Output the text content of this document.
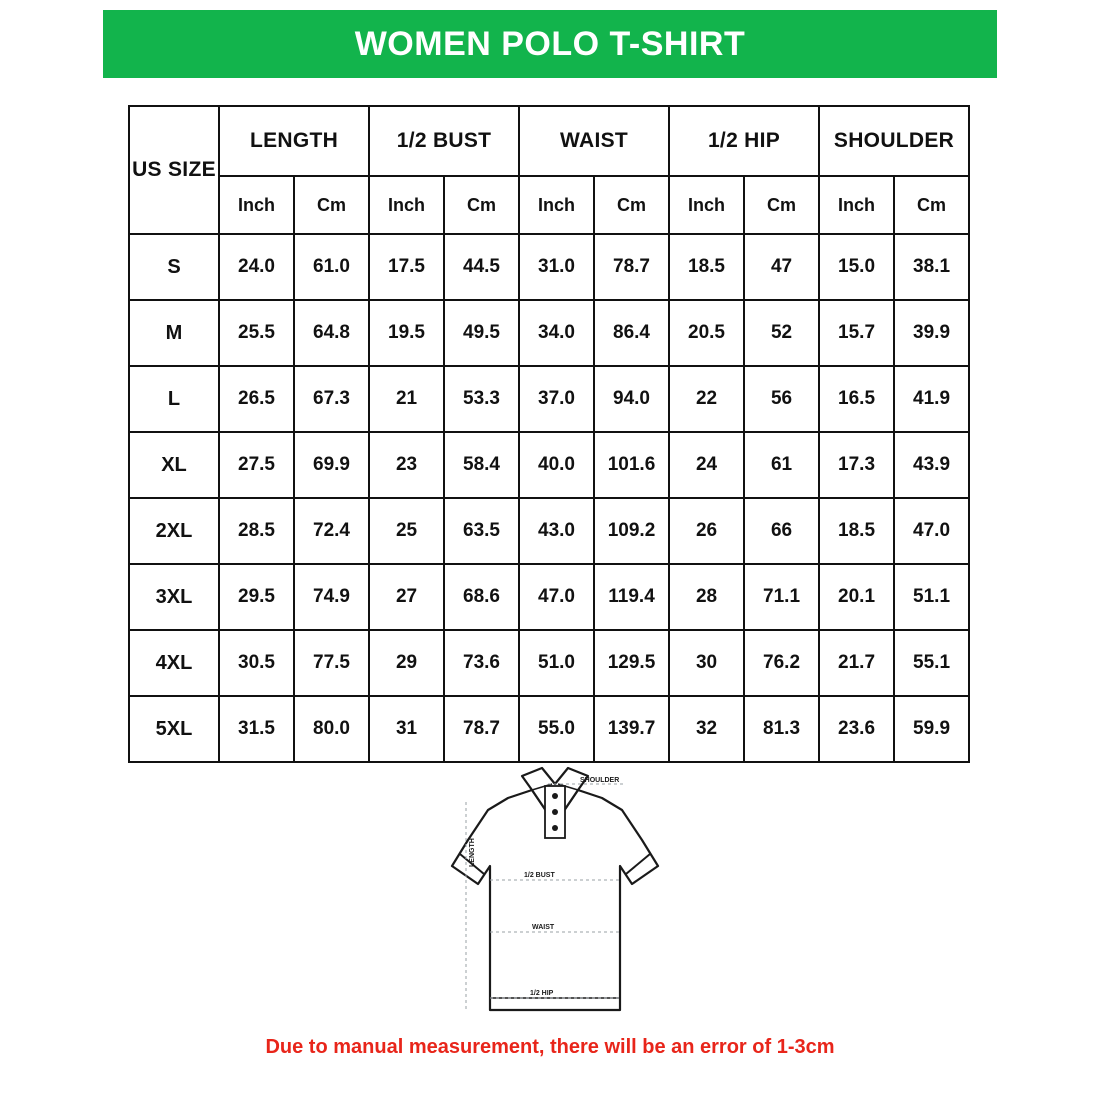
WOMEN POLO T-SHIRT
US SIZE	LENGTH		1/2 BUST		WAIST		1/2 HIP		SHOULDER	
	Inch	Cm	Inch	Cm	Inch	Cm	Inch	Cm	Inch	Cm
S	24.0	61.0	17.5	44.5	31.0	78.7	18.5	47	15.0	38.1
M	25.5	64.8	19.5	49.5	34.0	86.4	20.5	52	15.7	39.9
L	26.5	67.3	21	53.3	37.0	94.0	22	56	16.5	41.9
XL	27.5	69.9	23	58.4	40.0	101.6	24	61	17.3	43.9
2XL	28.5	72.4	25	63.5	43.0	109.2	26	66	18.5	47.0
3XL	29.5	74.9	27	68.6	47.0	119.4	28	71.1	20.1	51.1
4XL	30.5	77.5	29	73.6	51.0	129.5	30	76.2	21.7	55.1
5XL	31.5	80.0	31	78.7	55.0	139.7	32	81.3	23.6	59.9
SHOULDER
LENGTH
1/2 BUST
WAIST
1/2 HIP
Due to manual measurement, there will be an error of 1-3cm
